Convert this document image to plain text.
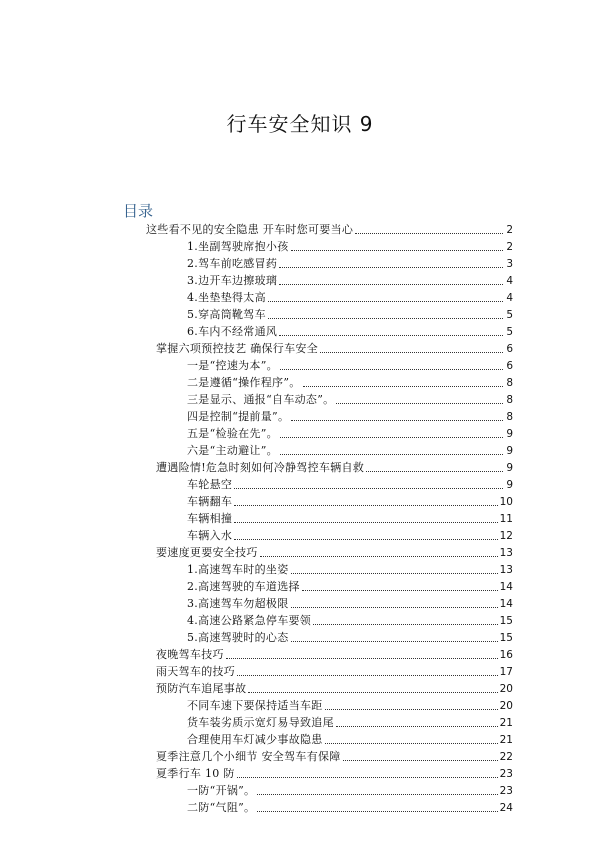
行车安全知识 9
目录
这些看不见的安全隐患 开车时您可要当心	2
1.坐副驾驶席抱小孩	2
2.驾车前吃感冒药	3
3.边开车边擦玻璃	4
4.坐垫垫得太高	4
5.穿高筒靴驾车	5
6.车内不经常通风	5
掌握六项预控技艺 确保行车安全	6
一是“控速为本”。	6
二是遵循“操作程序”。	8
三是显示、通报“自车动态”。	8
四是控制“提前量”。	8
五是“检验在先”。	9
六是“主动避让”。	9
遭遇险情!危急时刻如何冷静驾控车辆自救	9
车轮悬空	9
车辆翻车	10
车辆相撞	11
车辆入水	12
要速度更要安全技巧	13
1.高速驾车时的坐姿	13
2.高速驾驶的车道选择	14
3.高速驾车勿超极限	14
4.高速公路紧急停车要领	15
5.高速驾驶时的心态	15
夜晚驾车技巧	16
雨天驾车的技巧	17
预防汽车追尾事故	20
不同车速下要保持适当车距	20
货车装劣质示宽灯易导致追尾	21
合理使用车灯减少事故隐患	21
夏季注意几个小细节 安全驾车有保障	22
夏季行车 10 防	23
一防“开锅”。	23
二防“气阻”。	24
